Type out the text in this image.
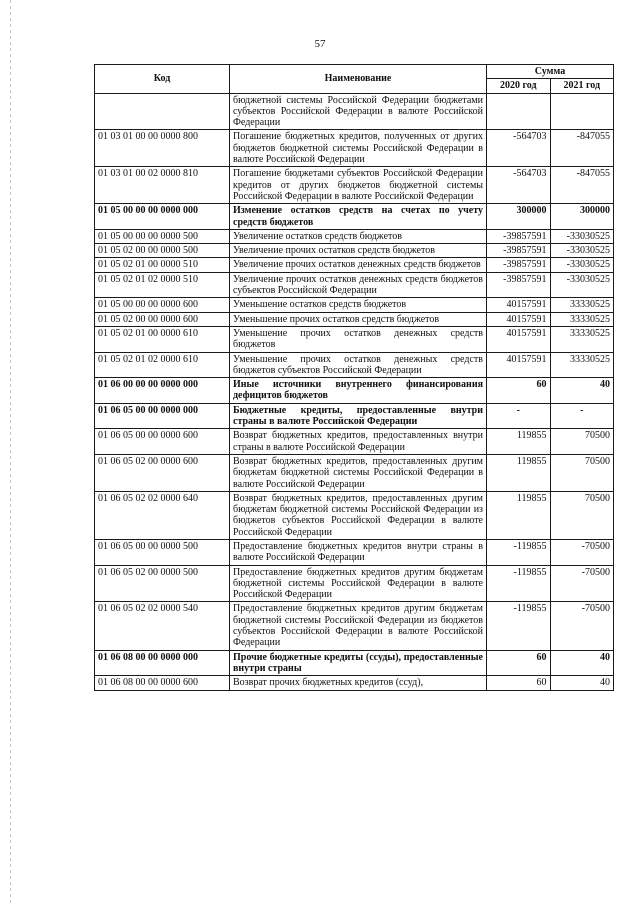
57
Код	Наименование	Сумма	
		2020 год	2021 год
	бюджетной системы Российской Федерации бюджетами субъектов Российской Федерации в валюте Российской Федерации		
01 03 01 00 00 0000 800	Погашение бюджетных кредитов, полученных от других бюджетов бюджетной системы Российской Федерации в валюте Российской Федерации	-564703	-847055
01 03 01 00 02 0000 810	Погашение бюджетами субъектов Российской Федерации кредитов от других бюджетов бюджетной системы Российской Федерации в валюте Российской Федерации	-564703	-847055
01 05 00 00 00 0000 000	Изменение остатков средств на счетах по учету средств бюджетов	300000	300000
01 05 00 00 00 0000 500	Увеличение остатков средств бюджетов	-39857591	-33030525
01 05 02 00 00 0000 500	Увеличение прочих остатков средств бюджетов	-39857591	-33030525
01 05 02 01 00 0000 510	Увеличение прочих остатков денежных средств бюджетов	-39857591	-33030525
01 05 02 01 02 0000 510	Увеличение прочих остатков денежных средств бюджетов субъектов Российской Федерации	-39857591	-33030525
01 05 00 00 00 0000 600	Уменьшение остатков средств бюджетов	40157591	33330525
01 05 02 00 00 0000 600	Уменьшение прочих остатков средств бюджетов	40157591	33330525
01 05 02 01 00 0000 610	Уменьшение прочих остатков денежных средств бюджетов	40157591	33330525
01 05 02 01 02 0000 610	Уменьшение прочих остатков денежных средств бюджетов субъектов Российской Федерации	40157591	33330525
01 06 00 00 00 0000 000	Иные источники внутреннего финансирования дефицитов бюджетов	60	40
01 06 05 00 00 0000 000	Бюджетные кредиты, предоставленные внутри страны в валюте Российской Федерации	-	-
01 06 05 00 00 0000 600	Возврат бюджетных кредитов, предоставленных внутри страны в валюте Российской Федерации	119855	70500
01 06 05 02 00 0000 600	Возврат бюджетных кредитов, предоставленных другим бюджетам бюджетной системы Российской Федерации в валюте Российской Федерации	119855	70500
01 06 05 02 02 0000 640	Возврат бюджетных кредитов, предоставленных другим бюджетам бюджетной системы Российской Федерации из бюджетов субъектов Российской Федерации в валюте Российской Федерации	119855	70500
01 06 05 00 00 0000 500	Предоставление бюджетных кредитов внутри страны в валюте Российской Федерации	-119855	-70500
01 06 05 02 00 0000 500	Предоставление бюджетных кредитов другим бюджетам бюджетной системы Российской Федерации в валюте Российской Федерации	-119855	-70500
01 06 05 02 02 0000 540	Предоставление бюджетных кредитов другим бюджетам бюджетной системы Российской Федерации из бюджетов субъектов Российской Федерации в валюте Российской Федерации	-119855	-70500
01 06 08 00 00 0000 000	Прочие бюджетные кредиты (ссуды), предоставленные внутри страны	60	40
01 06 08 00 00 0000 600	Возврат прочих бюджетных кредитов (ссуд),	60	40
